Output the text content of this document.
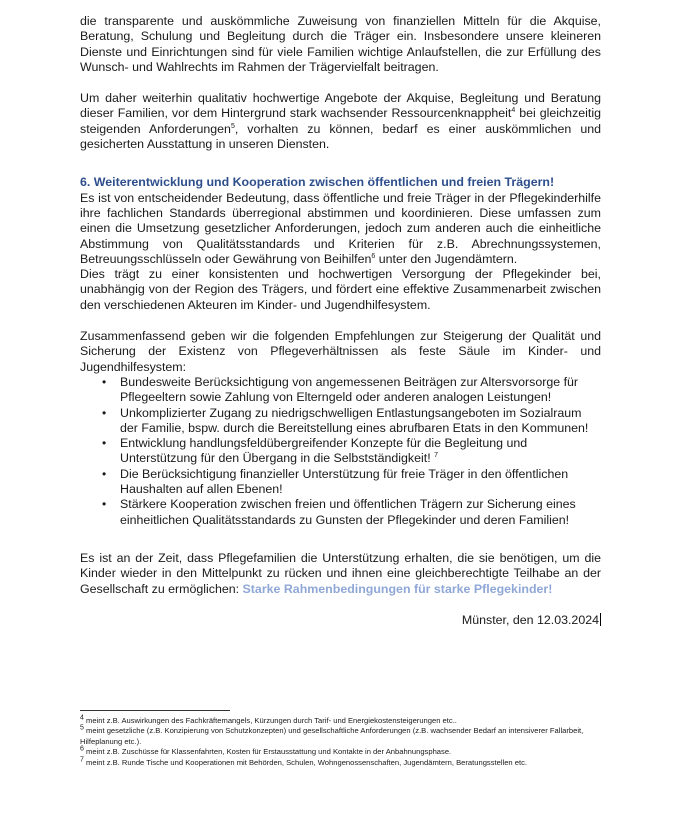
die transparente und auskömmliche Zuweisung von finanziellen Mitteln für die Akquise, Beratung, Schulung und Begleitung durch die Träger ein. Insbesondere unsere kleineren Dienste und Einrichtungen sind für viele Familien wichtige Anlaufstellen, die zur Erfüllung des Wunsch- und Wahlrechts im Rahmen der Trägervielfalt beitragen.

Um daher weiterhin qualitativ hochwertige Angebote der Akquise, Begleitung und Beratung dieser Familien, vor dem Hintergrund stark wachsender Ressourcenknappheit$^4$ bei gleichzeitig steigenden Anforderungen$^5$, vorhalten zu können, bedarf es einer auskömmlichen und gesicherten Ausstattung in unseren Diensten.

6. Weiterentwicklung und Kooperation zwischen öffentlichen und freien Trägern!

Es ist von entscheidender Bedeutung, dass öffentliche und freie Träger in der Pflegekinderhilfe ihre fachlichen Standards überregional abstimmen und koordinieren. Diese umfassen zum einen die Umsetzung gesetzlicher Anforderungen, jedoch zum anderen auch die einheitliche Abstimmung von Qualitätsstandards und Kriterien für z.B. Abrechnungssystemen, Betreuungsschlüsseln oder Gewährung von Beihilfen$^6$ unter den Jugendämtern.

Dies trägt zu einer konsistenten und hochwertigen Versorgung der Pflegekinder bei, unabhängig von der Region des Trägers, und fördert eine effektive Zusammenarbeit zwischen den verschiedenen Akteuren im Kinder- und Jugendhilfesystem.

Zusammenfassend geben wir die folgenden Empfehlungen zur Steigerung der Qualität und Sicherung der Existenz von Pflegeverhältnissen als feste Säule im Kinder- und Jugendhilfesystem:

• Bundesweite Berücksichtigung von angemessenen Beiträgen zur Altersvorsorge für Pflegeeltern sowie Zahlung von Elterngeld oder anderen analogen Leistungen!
• Unkomplizierter Zugang zu niedrigschwelligen Entlastungsangeboten im Sozialraum der Familie, bspw. durch die Bereitstellung eines abrufbaren Etats in den Kommunen!
• Entwicklung handlungsfeldübergreifender Konzepte für die Begleitung und Unterstützung für den Übergang in die Selbstständigkeit! $^7$
• Die Berücksichtigung finanzieller Unterstützung für freie Träger in den öffentlichen Haushalten auf allen Ebenen!
• Stärkere Kooperation zwischen freien und öffentlichen Trägern zur Sicherung eines einheitlichen Qualitätsstandards zu Gunsten der Pflegekinder und deren Familien!

Es ist an der Zeit, dass Pflegefamilien die Unterstützung erhalten, die sie benötigen, um die Kinder wieder in den Mittelpunkt zu rücken und ihnen eine gleichberechtigte Teilhabe an der Gesellschaft zu ermöglichen: Starke Rahmenbedingungen für starke Pflegekinder!

Münster, den 12.03.2024

$^4$ meint z.B. Auswirkungen des Fachkräftemangels, Kürzungen durch Tarif- und Energiekostensteigerungen etc..

$^5$ meint gesetzliche (z.B. Konzipierung von Schutzkonzepten) und gesellschaftliche Anforderungen (z.B. wachsender Bedarf an intensiverer Fallarbeit, Hilfeplanung etc.).

$^6$ meint z.B. Zuschüsse für Klassenfahrten, Kosten für Erstausstattung und Kontakte in der Anbahnungsphase.

$^7$ meint z.B. Runde Tische und Kooperationen mit Behörden, Schulen, Wohngenossenschaften, Jugendämtern, Beratungsstellen etc.
